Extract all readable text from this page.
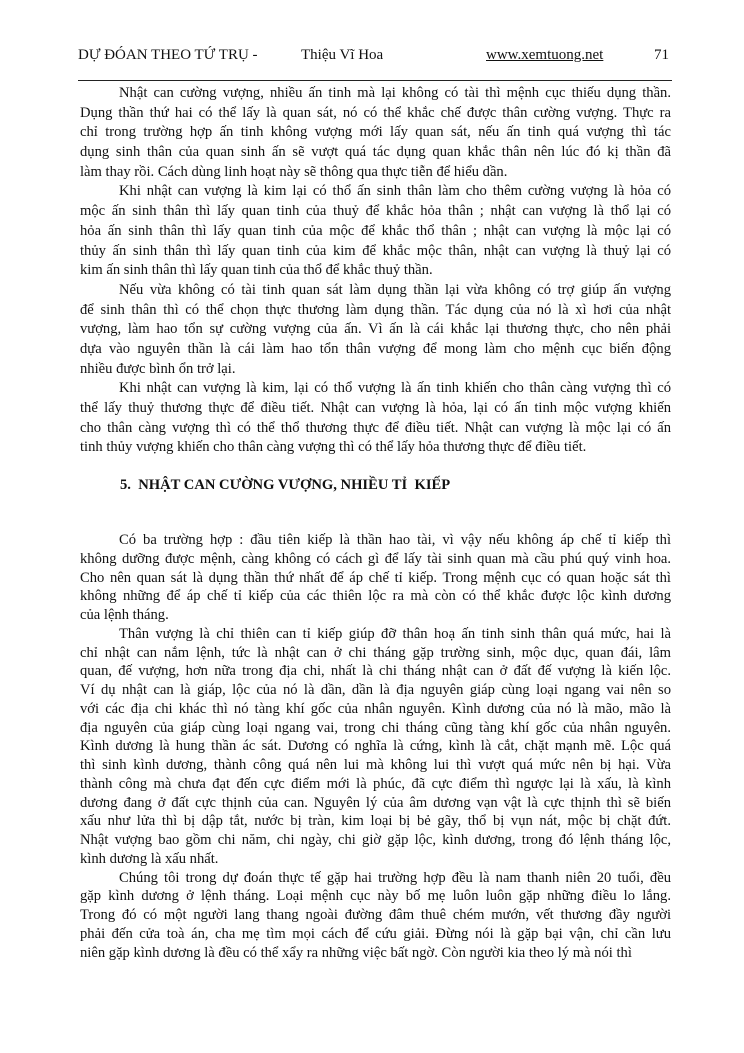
DỰ ĐÓAN THEO TỨ TRỤ -	Thiệu Vĩ Hoa	www.xemtuong.net	71
Nhật can cường vượng, nhiều ấn tinh mà lại không có tài thì mệnh cục thiếu dụng thần.
Dụng thần thứ hai có thể lấy là quan sát, nó có thể khắc chế được thân cường vượng. Thực ra
chỉ trong trường hợp ấn tinh không vượng mới lấy quan sát, nếu ấn tinh quá vượng thì tác
dụng sinh thân của quan sinh ấn sẽ vượt quá tác dụng quan khắc thân nên lúc đó kị thần đã
làm thay rồi. Cách dùng linh hoạt này sẽ thông qua thực tiễn để hiểu dần.
Khi nhật can vượng là kim lại có thổ ấn sinh thân làm cho thêm cường vượng là hỏa có
mộc ấn sinh thân thì lấy quan tinh của thuỷ để khắc hỏa thân ; nhật can vượng là thổ lại có
hỏa ấn sinh thân thì lấy quan tinh của mộc để khắc thổ thân ; nhật can vượng là mộc lại có
thủy ấn sinh thân thì lấy quan tinh của kim để khắc mộc thân, nhật can vượng là thuỷ lại có
kim ấn sinh thân thì lấy quan tinh của thổ để khắc thuỷ thần.
Nếu vừa không có tài tinh quan sát làm dụng thần lại vừa không có trợ giúp ấn vượng
để sinh thân thì có thể chọn thực thương làm dụng thần. Tác dụng của nó là xì hơi của nhật
vượng, làm hao tổn sự cường vượng của ấn. Vì ấn là cái khắc lại thương thực, cho nên phải
dựa vào nguyên thần là cái làm hao tổn thân vượng để mong làm cho mệnh cục biến động
nhiều được bình ổn trở lại.
Khi nhật can vượng là kim, lại có thổ vượng là ấn tinh khiến cho thân càng vượng thì có
thể lấy thuỷ thương thực để điều tiết. Nhật can vượng là hỏa, lại có ấn tinh mộc vượng khiến
cho thân càng vượng thì có thể thổ thương thực để điều tiết. Nhật can vượng là mộc lại có ấn
tinh thủy vượng khiến cho thân càng vượng thì có thể lấy hỏa thương thực để điều tiết.
5.  NHẬT CAN CƯỜNG VƯỢNG, NHIỀU TỈ  KIẾP
Có ba trường hợp : đầu tiên kiếp là thần hao tài, vì vậy nếu không áp chế tỉ kiếp thì
không dưỡng được mệnh, càng không có cách gì để lấy tài sinh quan mà cầu phú quý vinh hoa.
Cho nên quan sát là dụng thần thứ nhất để áp chế tỉ kiếp. Trong mệnh cục có quan hoặc sát thì
không những để áp chế tỉ kiếp của các thiên lộc ra mà còn có thể khắc được lộc kình dương
của lệnh tháng.
Thân vượng là chỉ thiên can tỉ kiếp giúp đỡ thân hoạ ấn tinh sinh thân quá mức, hai là
chỉ nhật can nắm lệnh, tức là nhật can ở chi tháng gặp trường sinh, mộc dục, quan đái, lâm
quan, đế vượng, hơn nữa trong địa chi, nhất là chi tháng nhật can ở đất đế vượng là kiến lộc.
Ví dụ nhật can là giáp, lộc của nó là dần, dần là địa nguyên giáp cùng loại ngang vai nên so
với các địa chi khác thì nó tàng khí gốc của nhân nguyên. Kình dương của nó là mão, mão là
địa nguyên của giáp cùng loại ngang vai, trong chi tháng cũng tàng khí gốc của nhân nguyên.
Kình dương là hung thần ác sát. Dương có nghĩa là cứng, kình là cắt, chặt mạnh mẽ. Lộc quá
thì sinh kình dương, thành công quá nên lui mà không lui thì vượt quá mức nên bị hại. Vừa
thành công mà chưa đạt đến cực điểm mới là phúc, đã cực điểm thì ngược lại là xấu, là kình
dương đang ở đất cực thịnh của can. Nguyên lý của âm dương vạn vật là cực thịnh thì sẽ biến
xấu như lửa thì bị dập tắt, nước bị tràn, kim loại bị bẻ gãy, thổ bị vụn nát, mộc bị chặt đứt.
Nhật vượng bao gồm chi năm, chi ngày, chi giờ gặp lộc, kình dương, trong đó lệnh tháng lộc,
kình dương là xấu nhất.
Chúng tôi trong dự đoán thực tế gặp hai trường hợp đều là nam thanh niên 20 tuổi, đều
gặp kình dương ở lệnh tháng. Loại mệnh cục này bố mẹ luôn luôn gặp những điều lo lắng.
Trong đó có một người lang thang ngoài đường đâm thuê chém mướn, vết thương đầy người
phải đến cửa toà án, cha mẹ tìm mọi cách để cứu giải. Đừng nói là gặp bại vận, chỉ cần lưu
niên gặp kình dương là đều có thể xẩy ra những việc bất ngờ. Còn người kia theo lý mà nói thì
